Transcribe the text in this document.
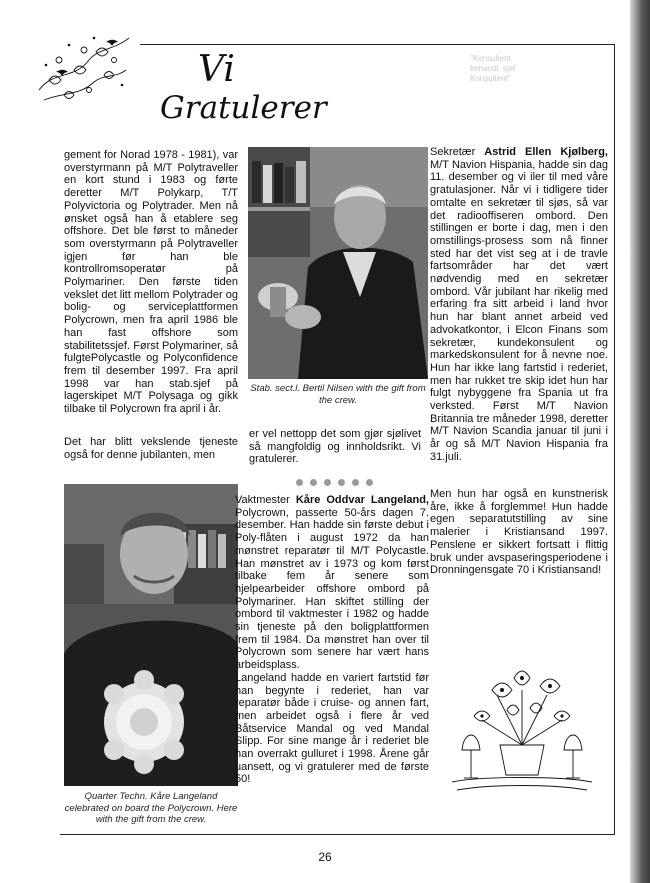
Vi
Gratulerer
"Konsultent
behandl. sjef
Konsultent"

gement for Norad 1978 - 1981), var overstyrmann på M/T Polytraveller en kort stund i 1983 og førte deretter M/T Polykarp, T/T Polyvictoria og Polytrader. Men nå ønsket også han å etablere seg offshore. Det ble først to måneder som overstyrmann på Polytraveller igjen før han ble kontrollromsoperatør på Polymariner. Den første tiden vekslet det litt mellom Polytrader og bolig- og serviceplattformen Polycrown, men fra april 1986 ble han fast offshore som stabilitetssjef. Først Polymariner, så fulgtePolycastle og Polyconfidence frem til desember 1997. Fra april 1998 var han stab.sjef på lagerskipet M/T Polysaga og gikk tilbake til Polycrown fra april i år.

Det har blitt vekslende tjeneste også for denne jubilanten, men

Stab. sect.l. Bertil Nilsen with the gift from the crew.

er vel nettopp det som gjør sjølivet så mangfoldig og innholdsrikt. Vi gratulerer.

Quarter Techn. Kåre Langeland celebrated on board the Polycrown. Here with the gift from the crew.

Vaktmester Kåre Oddvar Langeland, Polycrown, passerte 50-års dagen 7. desember. Han hadde sin første debut i Poly-flåten i august 1972 da han mønstret reparatør til M/T Polycastle. Han mønstret av i 1973 og kom først tilbake fem år senere som hjelpearbeider offshore ombord på Polymariner. Han skiftet stilling der ombord til vaktmester i 1982 og hadde sin tjeneste på den boligplattformen frem til 1984. Da mønstret han over til Polycrown som senere har vært hans arbeidsplass.
Langeland hadde en variert fartstid før han begynte i rederiet, han var reparatør både i cruise- og annen fart, men arbeidet også i flere år ved Båtservice Mandal og ved Mandal Slipp. For sine mange år i rederiet ble han overrakt gulluret i 1998. Årene går uansett, og vi gratulerer med de første 50!

Sekretær Astrid Ellen Kjølberg, M/T Navion Hispania, hadde sin dag 11. desember og vi iler til med våre gratulasjoner. Når vi i tidligere tider omtalte en sekretær til sjøs, så var det radiooffiseren ombord. Den stillingen er borte i dag, men i den omstillings-prosess som nå finner sted har det vist seg at i de travle fartsområder har det vært nødvendig med en sekretær ombord. Vår jubilant har rikelig med erfaring fra sitt arbeid i land hvor hun har blant annet arbeid ved advokatkontor, i Elcon Finans som sekretær, kundekonsulent og markedskonsulent for å nevne noe. Hun har ikke lang fartstid i rederiet, men har rukket tre skip idet hun har fulgt nybyggene fra Spania ut fra verksted. Først M/T Navion Britannia tre måneder 1998, deretter M/T Navion Scandia januar til juni i år og så M/T Navion Hispania fra 31.juli.

Men hun har også en kunstnerisk åre, ikke å forglemme! Hun hadde egen separatutstilling av sine malerier i Kristiansand 1997. Penslene er sikkert fortsatt i flittig bruk under avspaseringsperiodene i Dronningensgate 70 i Kristiansand!

26
